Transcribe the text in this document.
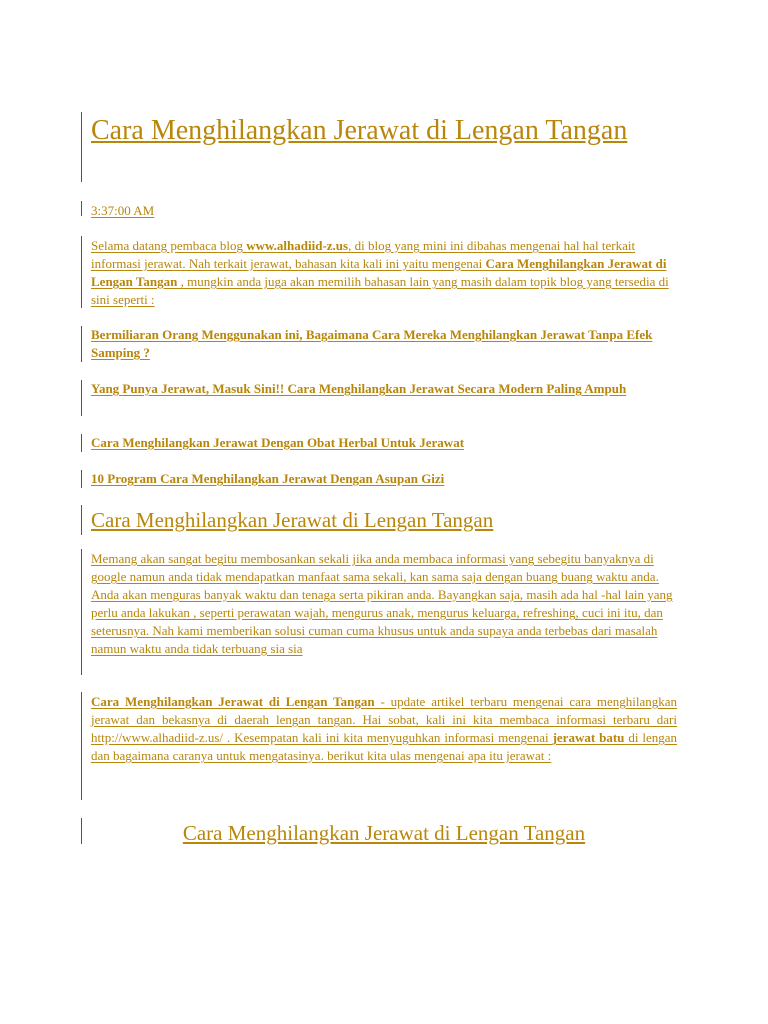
Cara Menghilangkan Jerawat di Lengan Tangan
3:37:00 AM
Selama datang pembaca blog www.alhadiid-z.us, di blog yang mini ini dibahas mengenai hal hal terkait informasi jerawat. Nah terkait jerawat, bahasan kita kali ini yaitu mengenai Cara Menghilangkan Jerawat di Lengan Tangan , mungkin anda juga akan memilih bahasan lain yang masih dalam topik blog yang tersedia di sini seperti :
Bermiliaran Orang Menggunakan ini, Bagaimana Cara Mereka Menghilangkan Jerawat Tanpa Efek Samping ?
Yang Punya Jerawat, Masuk Sini!! Cara Menghilangkan Jerawat Secara Modern Paling Ampuh
Cara Menghilangkan Jerawat Dengan Obat Herbal Untuk Jerawat
10 Program Cara Menghilangkan Jerawat Dengan Asupan Gizi
Cara Menghilangkan Jerawat di Lengan Tangan
Memang akan sangat begitu membosankan sekali jika anda membaca informasi yang sebegitu banyaknya di google namun anda tidak mendapatkan manfaat sama sekali, kan sama saja dengan buang buang waktu anda. Anda akan menguras banyak waktu dan tenaga serta pikiran anda. Bayangkan saja, masih ada hal -hal lain yang perlu anda lakukan , seperti perawatan wajah, mengurus anak, mengurus keluarga, refreshing, cuci ini itu, dan seterusnya. Nah kami memberikan solusi cuman cuma khusus untuk anda supaya anda terbebas dari masalah namun waktu anda tidak terbuang sia sia
Cara Menghilangkan Jerawat di Lengan Tangan - update artikel terbaru mengenai cara menghilangkan jerawat dan bekasnya di daerah lengan tangan. Hai sobat, kali ini kita membaca informasi terbaru dari http://www.alhadiid-z.us/ . Kesempatan kali ini kita menyuguhkan informasi mengenai jerawat batu di lengan dan bagaimana caranya untuk mengatasinya. berikut kita ulas mengenai apa itu jerawat :
Cara Menghilangkan Jerawat di Lengan Tangan
